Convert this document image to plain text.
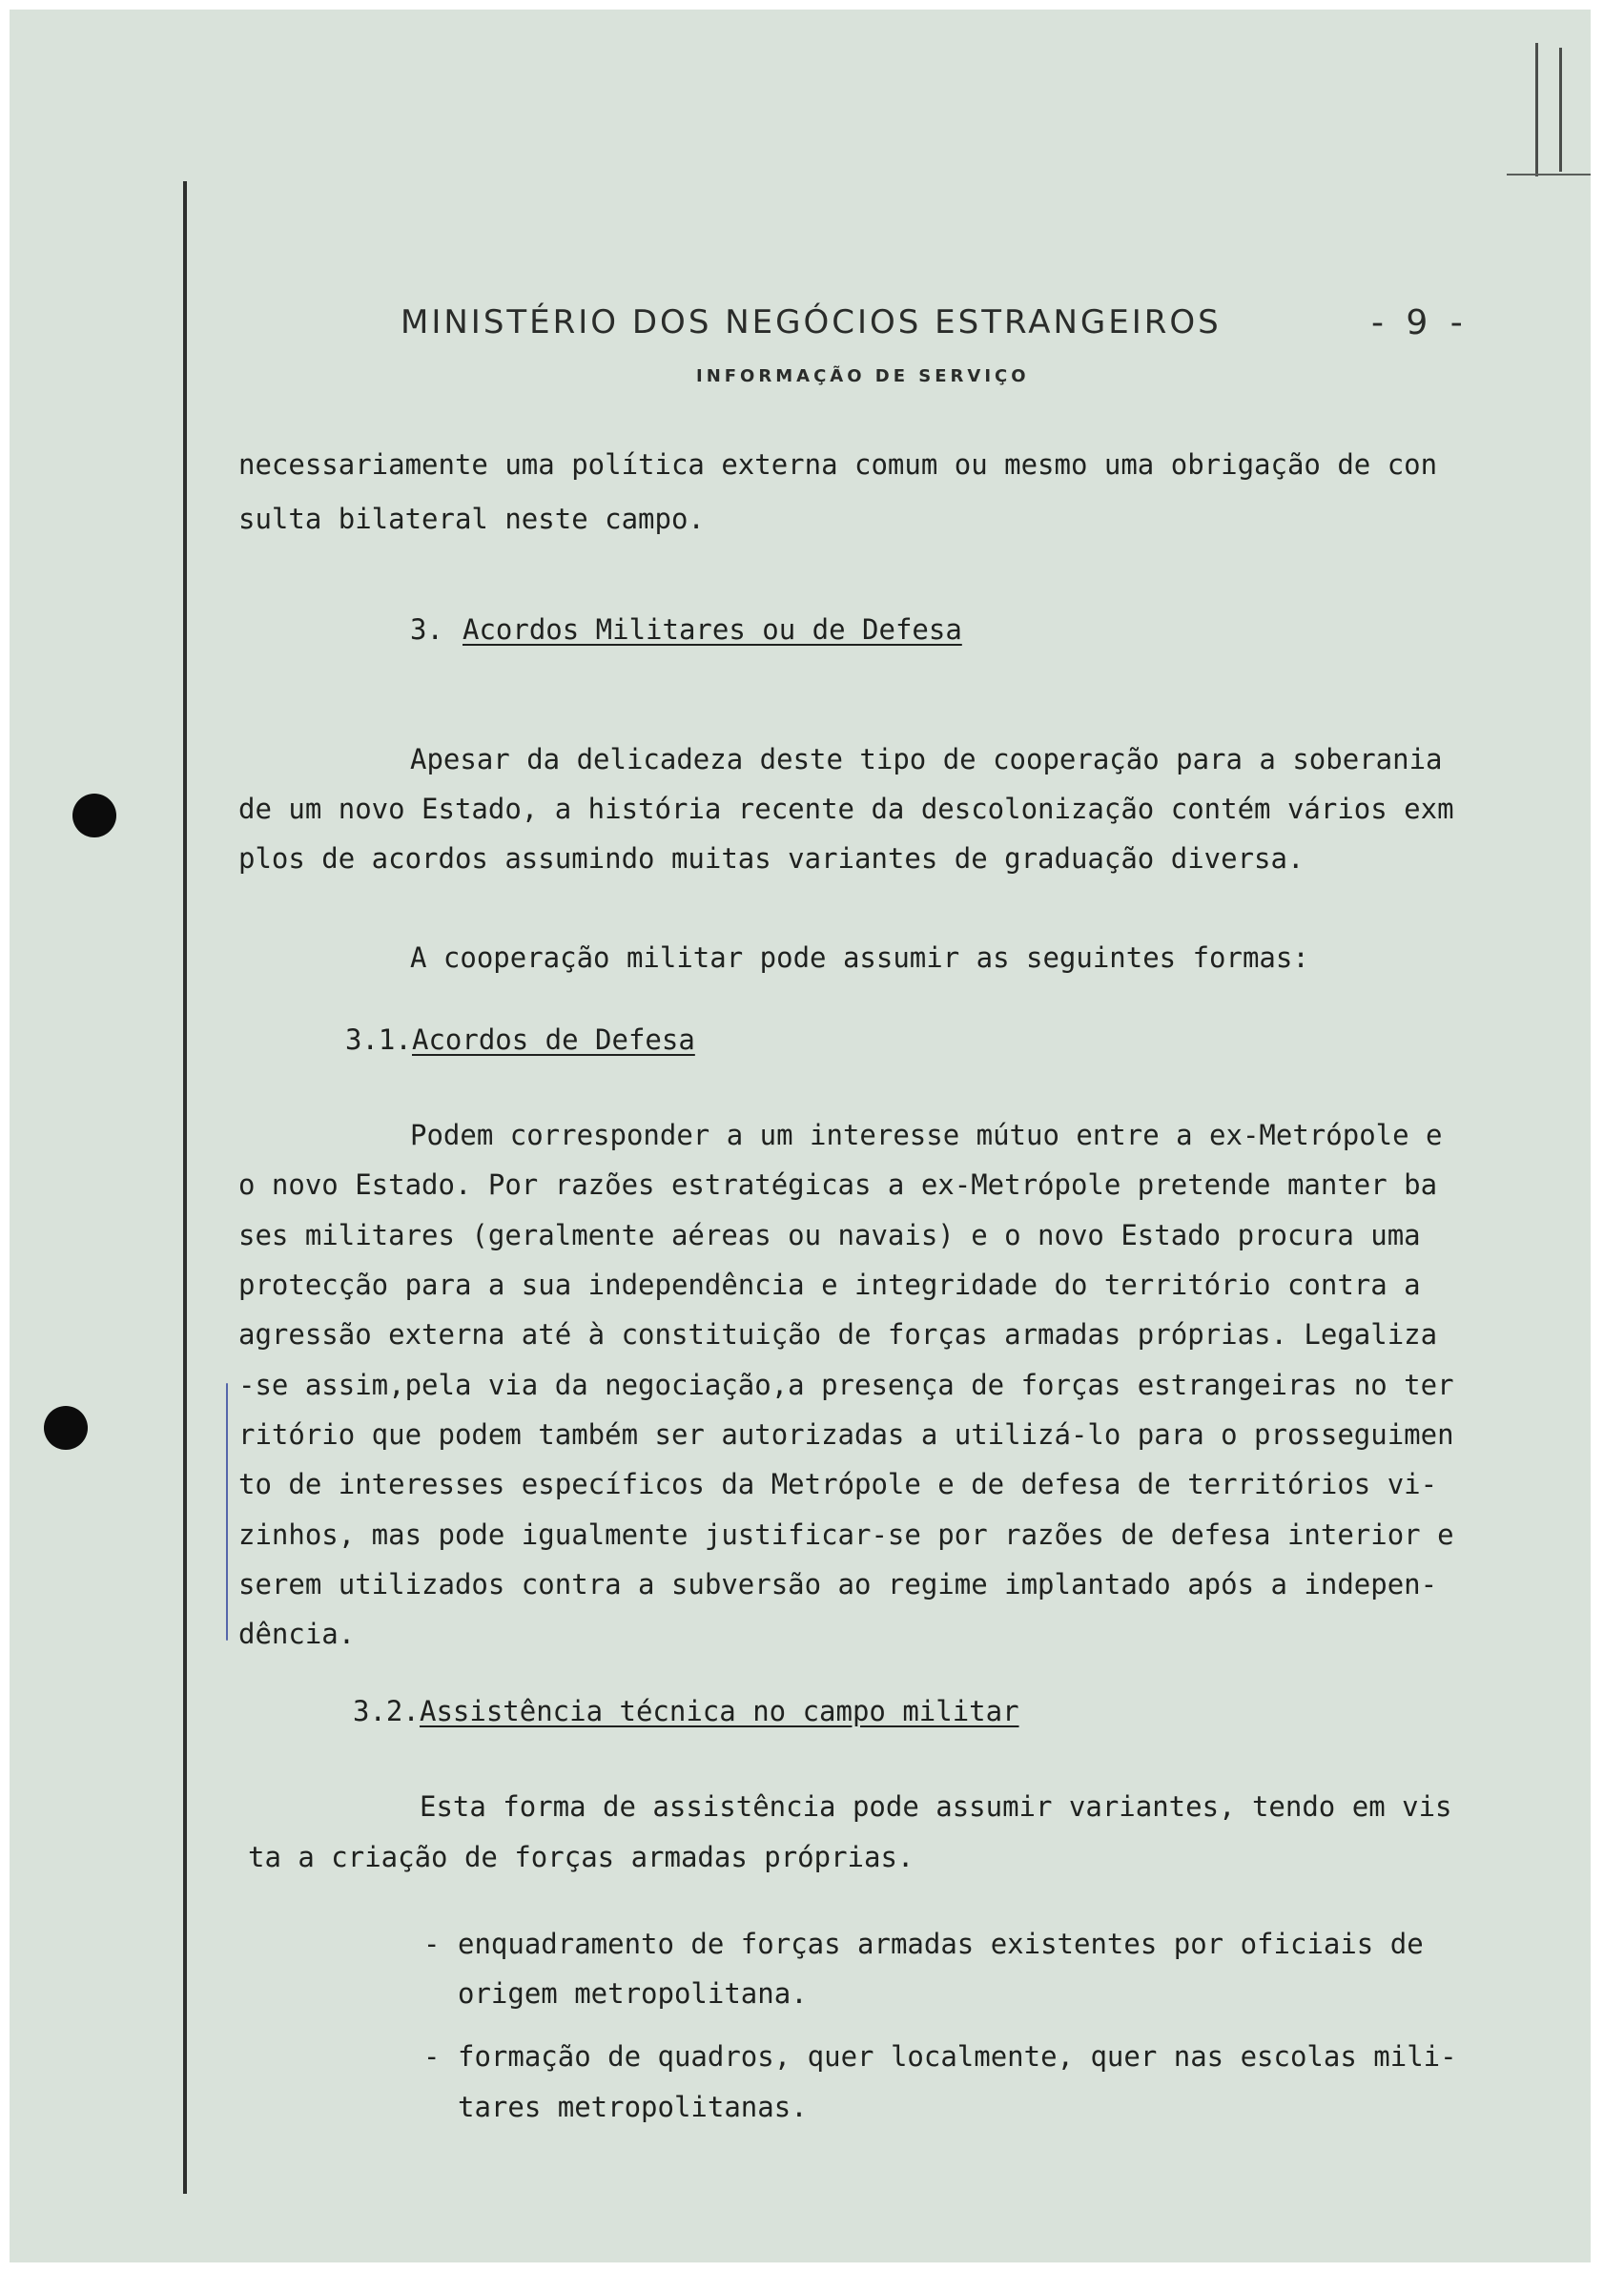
MINISTÉRIO DOS NEGÓCIOS ESTRANGEIROS	- 9 -
INFORMAÇÃO DE SERVIÇO
necessariamente uma política externa comum ou mesmo uma obrigação de con
sulta bilateral neste campo.
3. Acordos Militares ou de Defesa
Apesar da delicadeza deste tipo de cooperação para a soberania
de um novo Estado, a história recente da descolonização contém vários exm
plos de acordos assumindo muitas variantes de graduação diversa.
A cooperação militar pode assumir as seguintes formas:
3.1. Acordos de Defesa
Podem corresponder a um interesse mútuo entre a ex-Metrópole e
o novo Estado. Por razões estratégicas a ex-Metrópole pretende manter ba
ses militares (geralmente aéreas ou navais) e o novo Estado procura uma
protecção para a sua independência e integridade do território contra a
agressão externa até à constituição de forças armadas próprias. Legaliza
-se assim,pela via da negociação,a presença de forças estrangeiras no ter
ritório que podem também ser autorizadas a utilizá-lo para o prosseguimen
to de interesses específicos da Metrópole e de defesa de territórios vi-
zinhos, mas pode igualmente justificar-se por razões de defesa interior e
serem utilizados contra a subversão ao regime implantado após a indepen-
dência.
3.2. Assistência técnica no campo militar
Esta forma de assistência pode assumir variantes, tendo em vis
ta a criação de forças armadas próprias.
- enquadramento de forças armadas existentes por oficiais de
origem metropolitana.
- formação de quadros, quer localmente, quer nas escolas mili-
tares metropolitanas.
